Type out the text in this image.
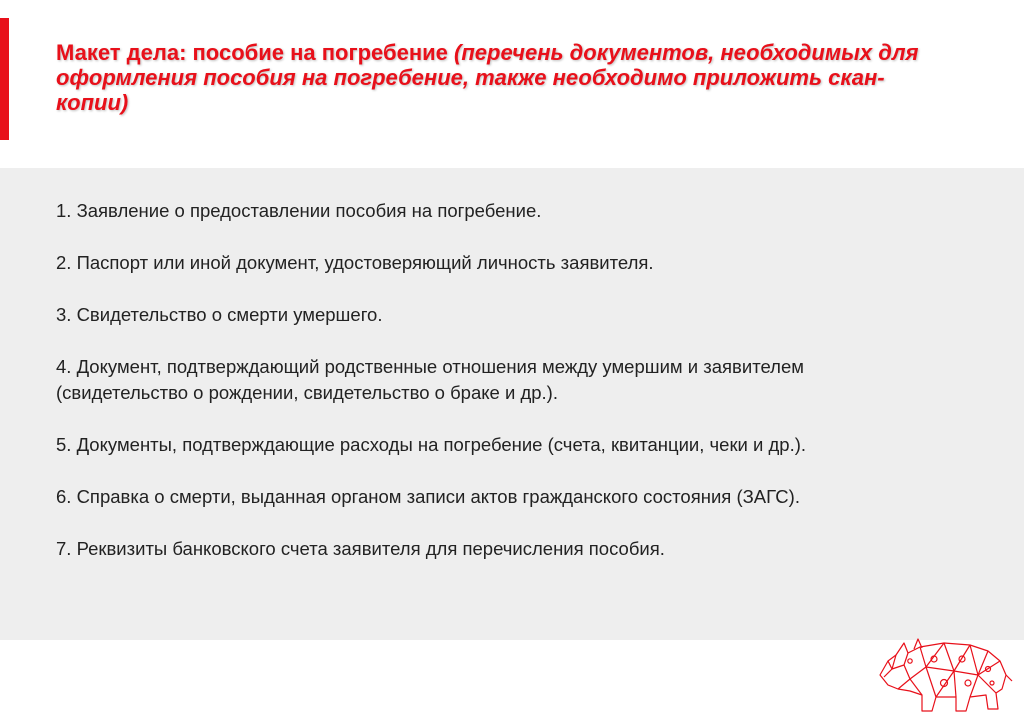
Макет дела: пособие на погребение (перечень документов, необходимых для оформления пособия на погребение, также необходимо приложить скан-копии)
1. Заявление о предоставлении пособия на погребение.
2. Паспорт или иной документ, удостоверяющий личность заявителя.
3. Свидетельство о смерти умершего.
4. Документ, подтверждающий родственные отношения между умершим и заявителем (свидетельство о рождении, свидетельство о браке и др.).
5. Документы, подтверждающие расходы на погребение (счета, квитанции, чеки и др.).
6. Справка о смерти, выданная органом записи актов гражданского состояния (ЗАГС).
7. Реквизиты банковского счета заявителя для перечисления пособия.
